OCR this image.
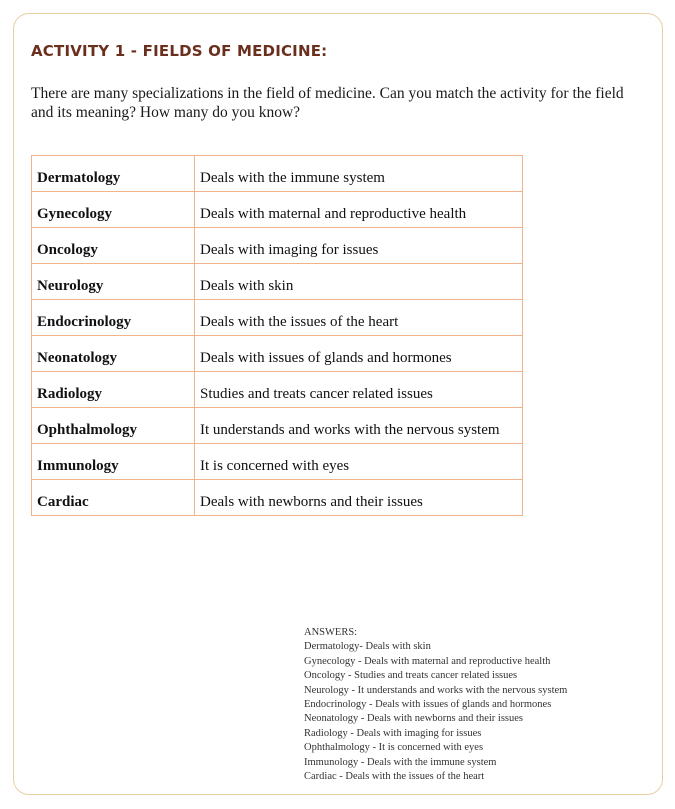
ACTIVITY 1 - FIELDS OF MEDICINE:

There are many specializations in the field of medicine. Can you match the activity for the field and its meaning? How many do you know?

Dermatology	Deals with the immune system
Gynecology	Deals with maternal and reproductive health
Oncology	Deals with imaging for issues
Neurology	Deals with skin
Endocrinology	Deals with the issues of the heart
Neonatology	Deals with issues of glands and hormones
Radiology	Studies and treats cancer related issues
Ophthalmology	It understands and works with the nervous system
Immunology	It is concerned with eyes
Cardiac	Deals with newborns and their issues
ANSWERS:
Dermatology- Deals with skin
Gynecology - Deals with maternal and reproductive health
Oncology - Studies and treats cancer related issues
Neurology - It understands and works with the nervous system
Endocrinology - Deals with issues of glands and hormones
Neonatology - Deals with newborns and their issues
Radiology - Deals with imaging for issues
Ophthalmology - It is concerned with eyes
Immunology - Deals with the immune system
Cardiac - Deals with the issues of the heart
